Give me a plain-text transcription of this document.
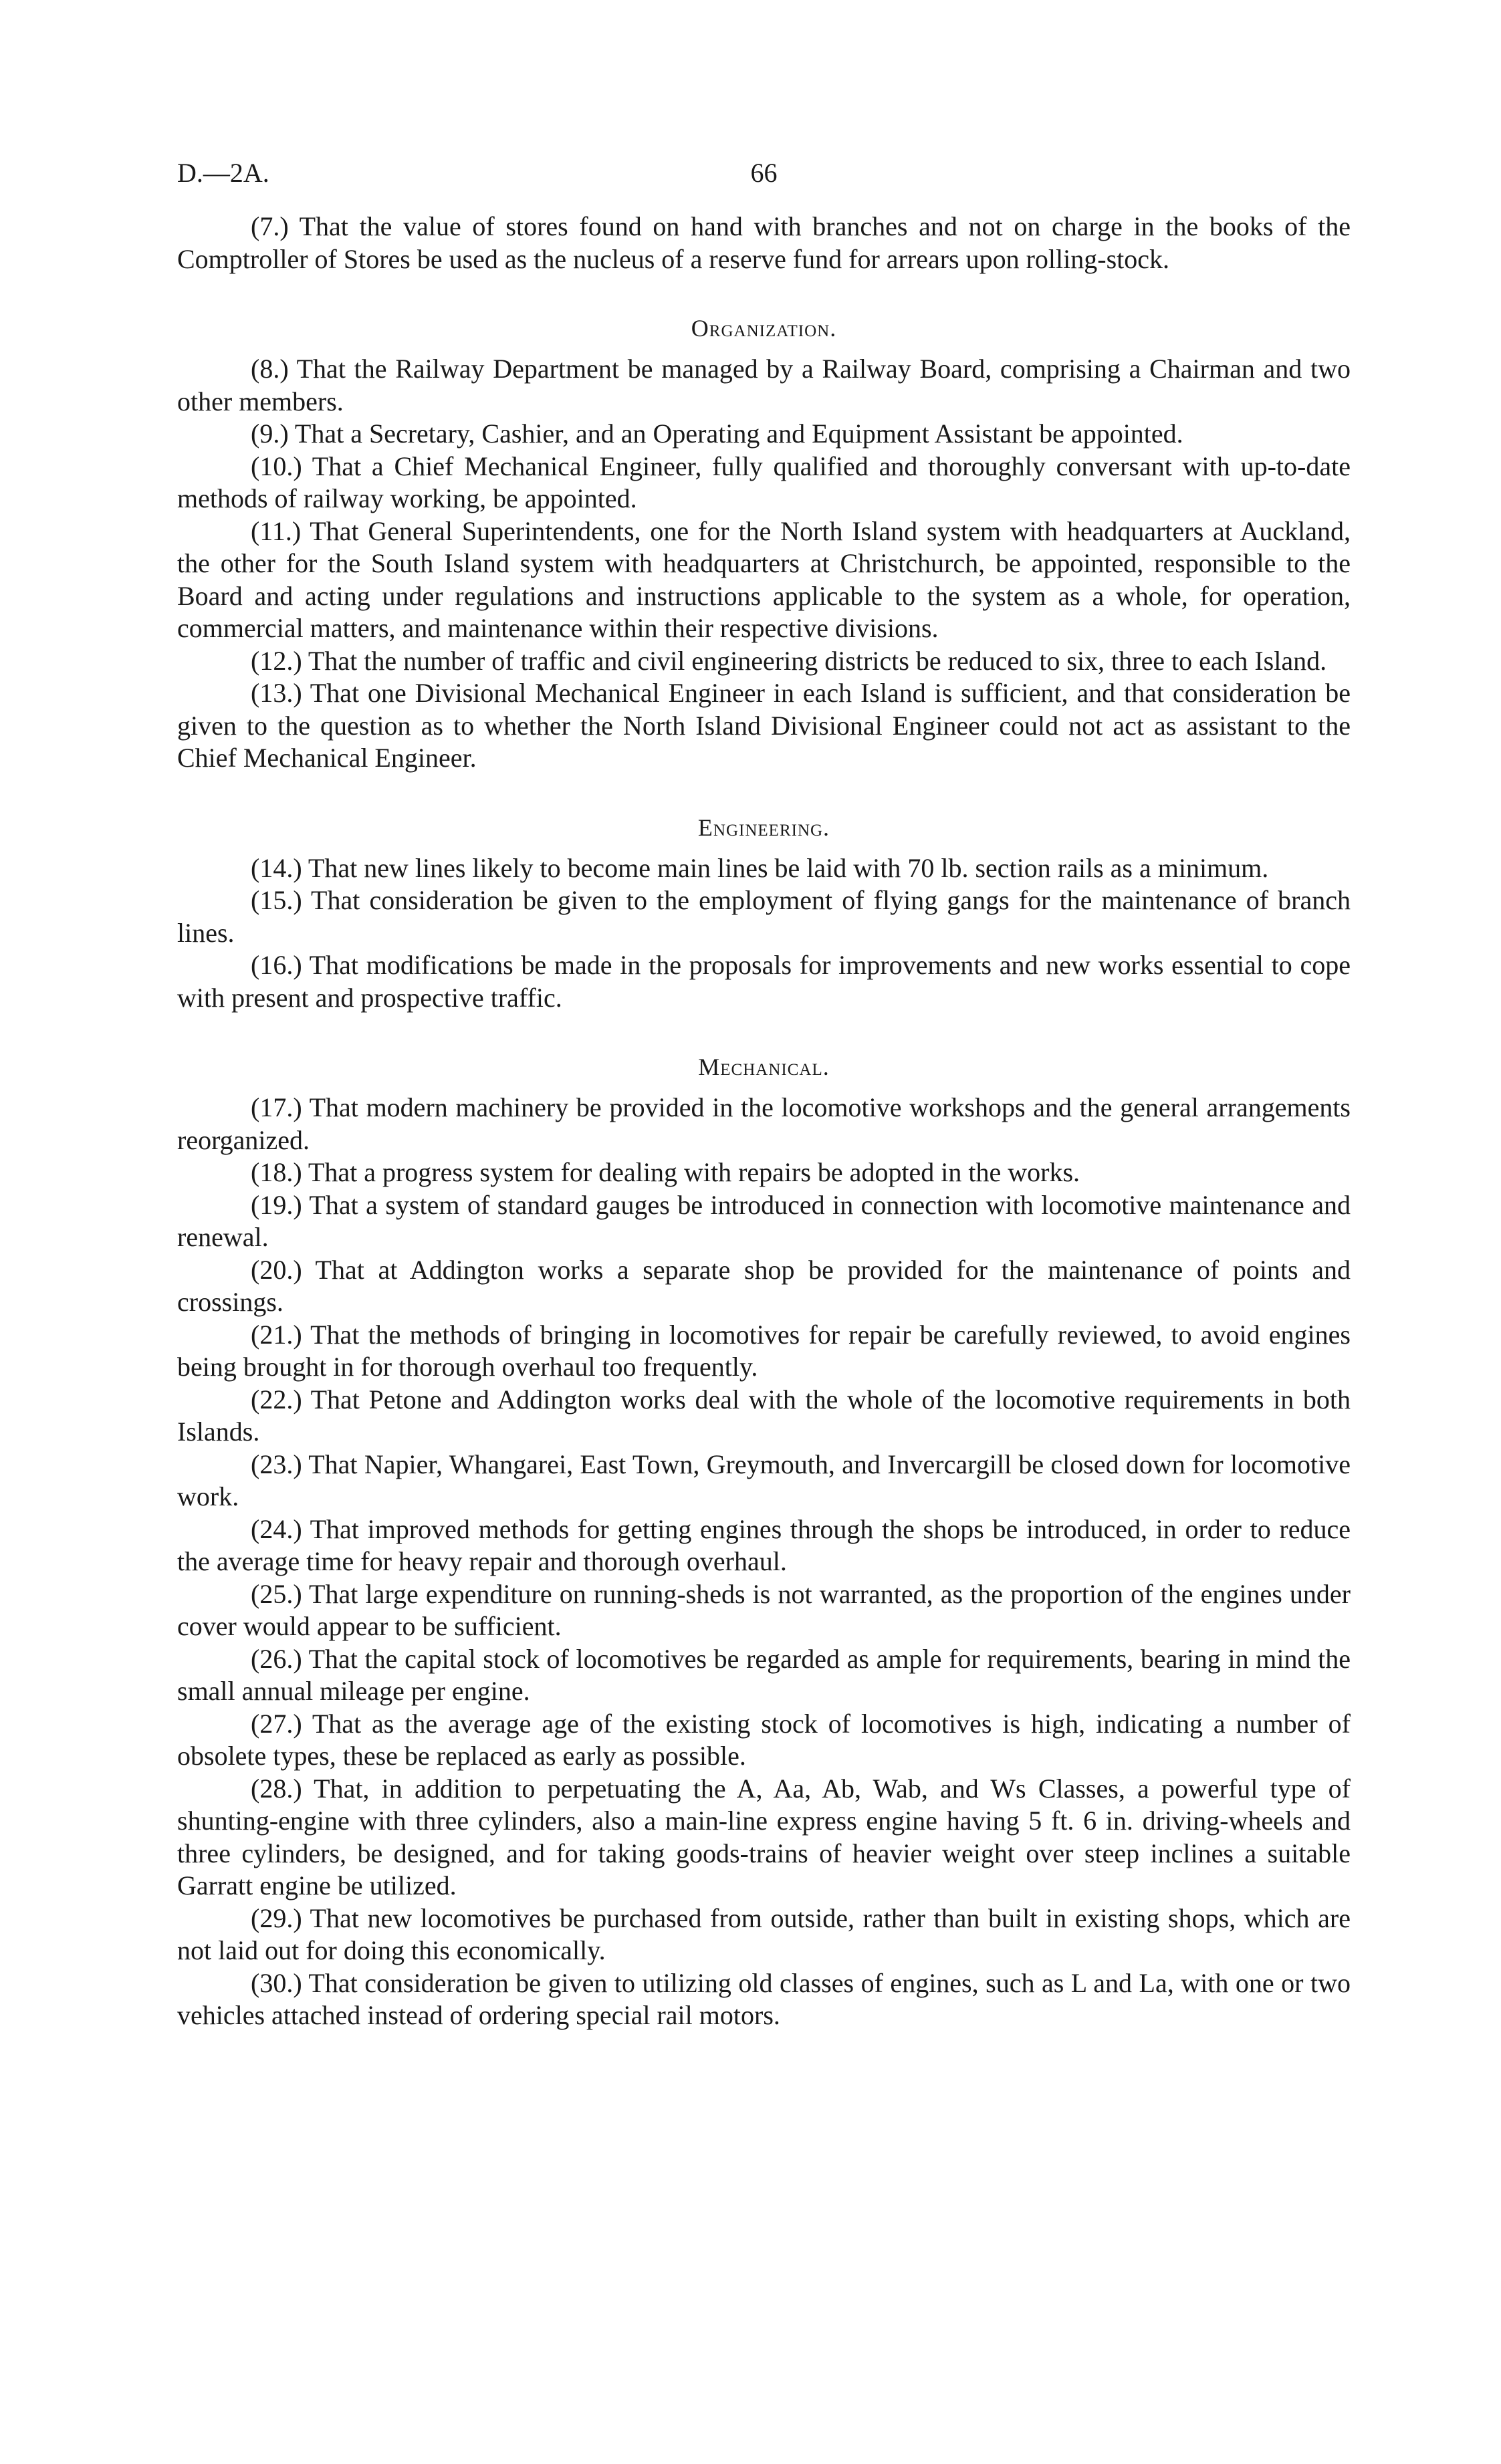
D.—2A.	66

(7.) That the value of stores found on hand with branches and not on charge in the books of the Comptroller of Stores be used as the nucleus of a reserve fund for arrears upon rolling-stock.

Organization.

(8.) That the Railway Department be managed by a Railway Board, comprising a Chairman and two other members.

(9.) That a Secretary, Cashier, and an Operating and Equipment Assistant be appointed.

(10.) That a Chief Mechanical Engineer, fully qualified and thoroughly conversant with up-to-date methods of railway working, be appointed.

(11.) That General Superintendents, one for the North Island system with headquarters at Auckland, the other for the South Island system with headquarters at Christchurch, be appointed, responsible to the Board and acting under regulations and instructions applicable to the system as a whole, for operation, commercial matters, and maintenance within their respective divisions.

(12.) That the number of traffic and civil engineering districts be reduced to six, three to each Island.

(13.) That one Divisional Mechanical Engineer in each Island is sufficient, and that consideration be given to the question as to whether the North Island Divisional Engineer could not act as assistant to the Chief Mechanical Engineer.

Engineering.

(14.) That new lines likely to become main lines be laid with 70 lb. section rails as a minimum.

(15.) That consideration be given to the employment of flying gangs for the maintenance of branch lines.

(16.) That modifications be made in the proposals for improvements and new works essential to cope with present and prospective traffic.

Mechanical.

(17.) That modern machinery be provided in the locomotive workshops and the general arrangements reorganized.

(18.) That a progress system for dealing with repairs be adopted in the works.

(19.) That a system of standard gauges be introduced in connection with locomotive maintenance and renewal.

(20.) That at Addington works a separate shop be provided for the maintenance of points and crossings.

(21.) That the methods of bringing in locomotives for repair be carefully reviewed, to avoid engines being brought in for thorough overhaul too frequently.

(22.) That Petone and Addington works deal with the whole of the locomotive requirements in both Islands.

(23.) That Napier, Whangarei, East Town, Greymouth, and Invercargill be closed down for locomotive work.

(24.) That improved methods for getting engines through the shops be introduced, in order to reduce the average time for heavy repair and thorough overhaul.

(25.) That large expenditure on running-sheds is not warranted, as the proportion of the engines under cover would appear to be sufficient.

(26.) That the capital stock of locomotives be regarded as ample for requirements, bearing in mind the small annual mileage per engine.

(27.) That as the average age of the existing stock of locomotives is high, indicating a number of obsolete types, these be replaced as early as possible.

(28.) That, in addition to perpetuating the A, Aa, Ab, Wab, and Ws Classes, a powerful type of shunting-engine with three cylinders, also a main-line express engine having 5 ft. 6 in. driving-wheels and three cylinders, be designed, and for taking goods-trains of heavier weight over steep inclines a suitable Garratt engine be utilized.

(29.) That new locomotives be purchased from outside, rather than built in existing shops, which are not laid out for doing this economically.

(30.) That consideration be given to utilizing old classes of engines, such as L and La, with one or two vehicles attached instead of ordering special rail motors.
